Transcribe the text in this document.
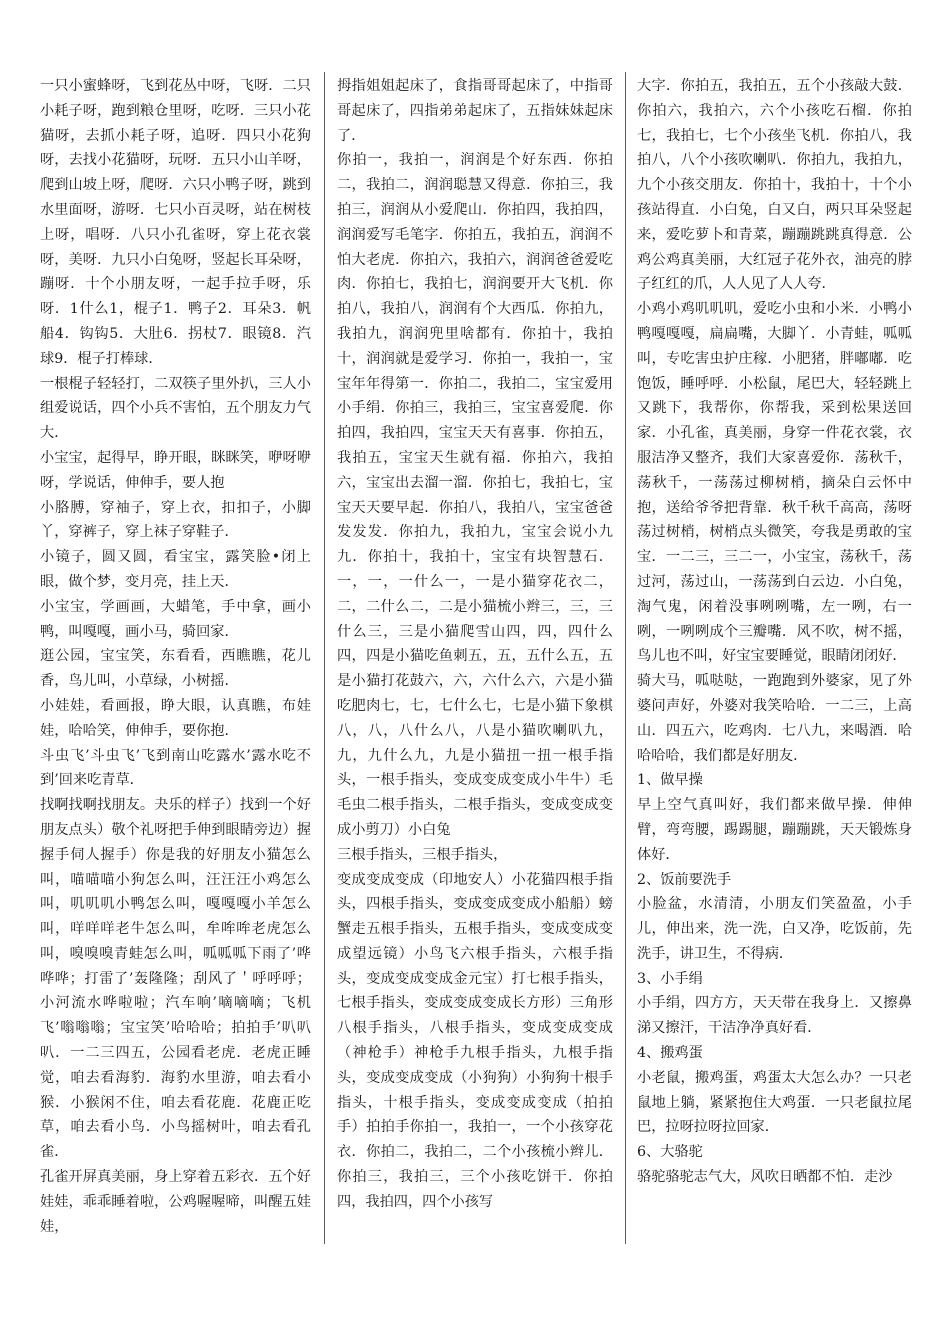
一只小蜜蜂呀，飞到花丛中呀，飞呀．二只小耗子呀，跑到粮仓里呀，吃呀．三只小花猫呀，去抓小耗子呀，追呀．四只小花狗呀，去找小花猫呀，玩呀．五只小山羊呀，爬到山坡上呀，爬呀．六只小鸭子呀，跳到水里面呀，游呀．七只小百灵呀，站在树枝上呀，唱呀．八只小孔雀呀，穿上花衣裳呀，美呀．九只小白兔呀，竖起长耳朵呀，蹦呀．十个小朋友呀，一起手拉手呀，乐呀．1什么1，棍子1．鸭子2．耳朵3．帆船4．钩钩5．大肚6．拐杖7．眼镜8．汽球9．棍子打棒球．

一根棍子轻轻打，二双筷子里外扒，三人小组爱说话，四个小兵不害怕，五个朋友力气大．

小宝宝，起得早，睁开眼，眯眯笑，咿呀咿呀，学说话，伸伸手，要人抱

小胳膊，穿袖子，穿上衣，扣扣子，小脚丫，穿裤子，穿上袜子穿鞋子．

小镜子，圆又圆，看宝宝，露笑脸•闭上眼，做个梦，变月亮，挂上天．

小宝宝，学画画，大蜡笔，手中拿，画小鸭，叫嘎嘎，画小马，骑回家．

逛公园，宝宝笑，东看看，西瞧瞧，花儿香，鸟儿叫，小草绿，小树摇．

小娃娃，看画报，睁大眼，认真瞧，布娃娃，哈哈笑，伸伸手，要你抱．

斗虫飞’斗虫飞’飞到南山吃露水’露水吃不到’回来吃青草．

找啊找啊找朋友。夬乐的样子）找到一个好朋友点头）敬个礼呀把手伸到眼睛旁边）握握手伺人握手）你是我的好朋友小猫怎么叫，喵喵喵小狗怎么叫，汪汪汪小鸡怎么叫，叽叽叽小鸭怎么叫，嘎嘎嘎小羊怎么叫，咩咩咩老牛怎么叫，牟哞哞老虎怎么叫，嗅嗅嗅青蛙怎么叫，呱呱呱下雨了’哗哗哗；打雷了’轰隆隆；刮风了＇呼呼呼；小河流水哗啦啦；汽车响’嘀嘀嘀；飞机飞’嗡嗡嗡；宝宝笑’哈哈哈；拍拍手’叭叭叭．一二三四五，公园看老虎．老虎正睡觉，咱去看海豹．海豹水里游，咱去看小猴．小猴闲不住，咱去看花鹿．花鹿正吃草，咱去看小鸟．小鸟摇树叶，咱去看孔雀．

孔雀开屏真美丽，身上穿着五彩衣．五个好娃娃，乖乖睡着啦，公鸡喔喔啼，叫醒五娃娃，

拇指姐姐起床了，食指哥哥起床了，中指哥哥起床了，四指弟弟起床了，五指妹妹起床了．

你拍一，我拍一，润润是个好东西．你拍二，我拍二，润润聪慧又得意．你拍三，我拍三，润润从小爱爬山．你拍四，我拍四，润润爱写毛笔字．你拍五，我拍五，润润不怕大老虎．你拍六，我拍六，润润爸爸爱吃肉．你拍七，我拍七，润润要开大飞机．你拍八，我拍八，润润有个大西瓜．你拍九，我拍九，润润兜里啥都有．你拍十，我拍十，润润就是爱学习．你拍一，我拍一，宝宝年年得第一．你拍二，我拍二，宝宝爱用小手绢．你拍三，我拍三，宝宝喜爱爬．你拍四，我拍四，宝宝天天有喜事．你拍五，我拍五，宝宝天生就有福．你拍六，我拍六，宝宝出去溜一溜．你拍七，我拍七，宝宝天天要早起．你拍八，我拍八，宝宝爸爸发发发．你拍九，我拍九，宝宝会说小九九．你拍十，我拍十，宝宝有块智慧石．一，一，一什么一，一是小猫穿花衣二，二，二什么二，二是小猫梳小辫三，三，三什么三，三是小猫爬雪山四，四，四什么四，四是小猫吃鱼刺五，五，五什么五，五是小猫打花鼓六，六，六什么六，六是小猫吃肥肉七，七，七什么七，七是小猫下象棋八，八，八什么八，八是小猫吹喇叭九，九，九什么九，九是小猫扭一扭一根手指头，一根手指头，变成变成变成小牛牛）毛毛虫二根手指头，二根手指头，变成变成变成小剪刀）小白兔

三根手指头，三根手指头，

变成变成变成（印地安人）小花猫四根手指头，四根手指头，变成变成变成小船船）螃蟹走五根手指头，五根手指头，变成变成变成望远镜）小鸟飞六根手指头，六根手指头，变成变成变成金元宝）打七根手指头，七根手指头，变成变成变成长方形）三角形八根手指头，八根手指头，变成变成变成（神枪手）神枪手九根手指头，九根手指头，变成变成变成（小狗狗）小狗狗十根手指头，十根手指头，变成变成变成（拍拍手）拍拍手你拍一，我拍一，一个小孩穿花衣．你拍二，我拍二，二个小孩梳小辫儿．你拍三，我拍三，三个小孩吃饼干．你拍四，我拍四，四个小孩写

大字．你拍五，我拍五，五个小孩敲大鼓．你拍六，我拍六，六个小孩吃石榴．你拍七，我拍七，七个小孩坐飞机．你拍八，我拍八，八个小孩吹喇叭．你拍九，我拍九，九个小孩交朋友．你拍十，我拍十，十个小孩站得直．小白兔，白又白，两只耳朵竖起来，爱吃萝卜和青菜，蹦蹦跳跳真得意．公鸡公鸡真美丽，大红冠子花外衣，油亮的脖子红红的爪，人人见了人人夸．

小鸡小鸡叽叽叽，爱吃小虫和小米．小鸭小鸭嘎嘎嘎，扁扁嘴，大脚丫．小青蛙，呱呱叫，专吃害虫护庄稼．小肥猪，胖嘟嘟．吃饱饭，睡呼呼．小松鼠，尾巴大，轻轻跳上又跳下，我帮你，你帮我，采到松果送回家．小孔雀，真美丽，身穿一件花衣裳，衣服洁净又整齐，我们大家喜爱你．荡秋千，荡秋千，一荡荡过柳树梢，摘朵白云怀中抱，送给爷爷把背靠．秋千秋千高高，荡呀荡过树梢，树梢点头微笑，夸我是勇敢的宝宝．一二三，三二一，小宝宝，荡秋千，荡过河，荡过山，一荡荡到白云边．小白兔，淘气鬼，闲着没事咧咧嘴，左一咧，右一咧，一咧咧成个三瓣嘴．风不吹，树不摇，鸟儿也不叫，好宝宝要睡觉，眼睛闭闭好．

骑大马，呱哒哒，一跑跑到外婆家，见了外婆问声好，外婆对我笑哈哈．一二三，上高山．四五六，吃鸡肉．七八九，来喝酒．哈哈哈哈，我们都是好朋友．

1、做早操

早上空气真叫好，我们都来做早操．伸伸臂，弯弯腰，踢踢腿，蹦蹦跳，天天锻炼身体好．

2、饭前要洗手

小脸盆，水清清，小朋友们笑盈盈，小手儿，伸出来，洗一洗，白又净，吃饭前，先洗手，讲卫生，不得病．

3、小手绢

小手绢，四方方，天天带在我身上．又擦鼻涕又擦汗，干洁净净真好看．

4、搬鸡蛋

小老鼠，搬鸡蛋，鸡蛋太大怎么办？一只老鼠地上躺，紧紧抱住大鸡蛋．一只老鼠拉尾巴，拉呀拉呀拉回家．

6、大骆驼

骆驼骆驼志气大，风吹日晒都不怕．走沙
